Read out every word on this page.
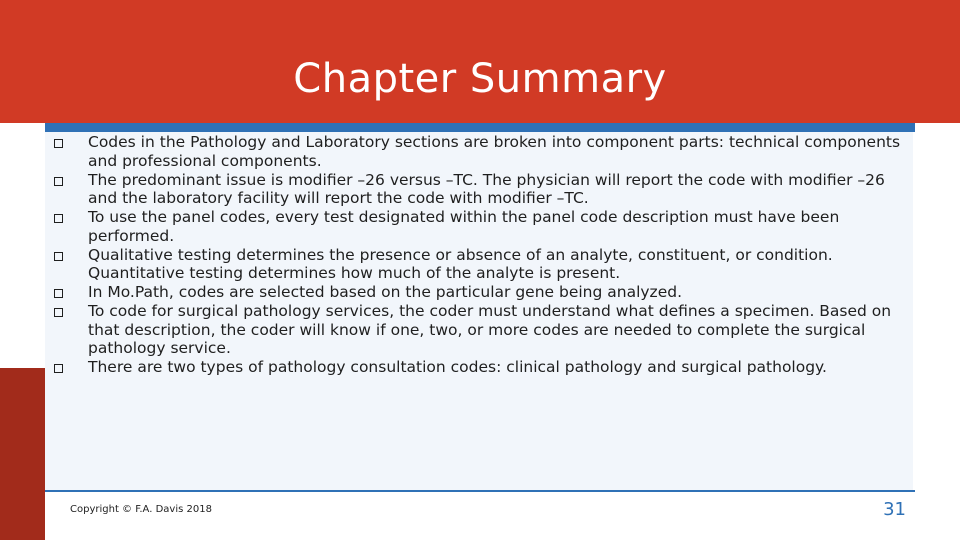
Chapter Summary
Codes in the Pathology and Laboratory sections are broken into component parts: technical components and professional components.
The predominant issue is modifier –26 versus –TC. The physician will report the code with modifier –26 and the laboratory facility will report the code with modifier –TC.
To use the panel codes, every test designated within the panel code description must have been performed.
Qualitative testing determines the presence or absence of an analyte, constituent, or condition. Quantitative testing determines how much of the analyte is present.
In Mo.Path, codes are selected based on the particular gene being analyzed.
To code for surgical pathology services, the coder must understand what defines a specimen. Based on that description, the coder will know if one, two, or more codes are needed to complete the surgical pathology service.
There are two types of pathology consultation codes: clinical pathology and surgical pathology.
Copyright © F.A. Davis 2018	31
